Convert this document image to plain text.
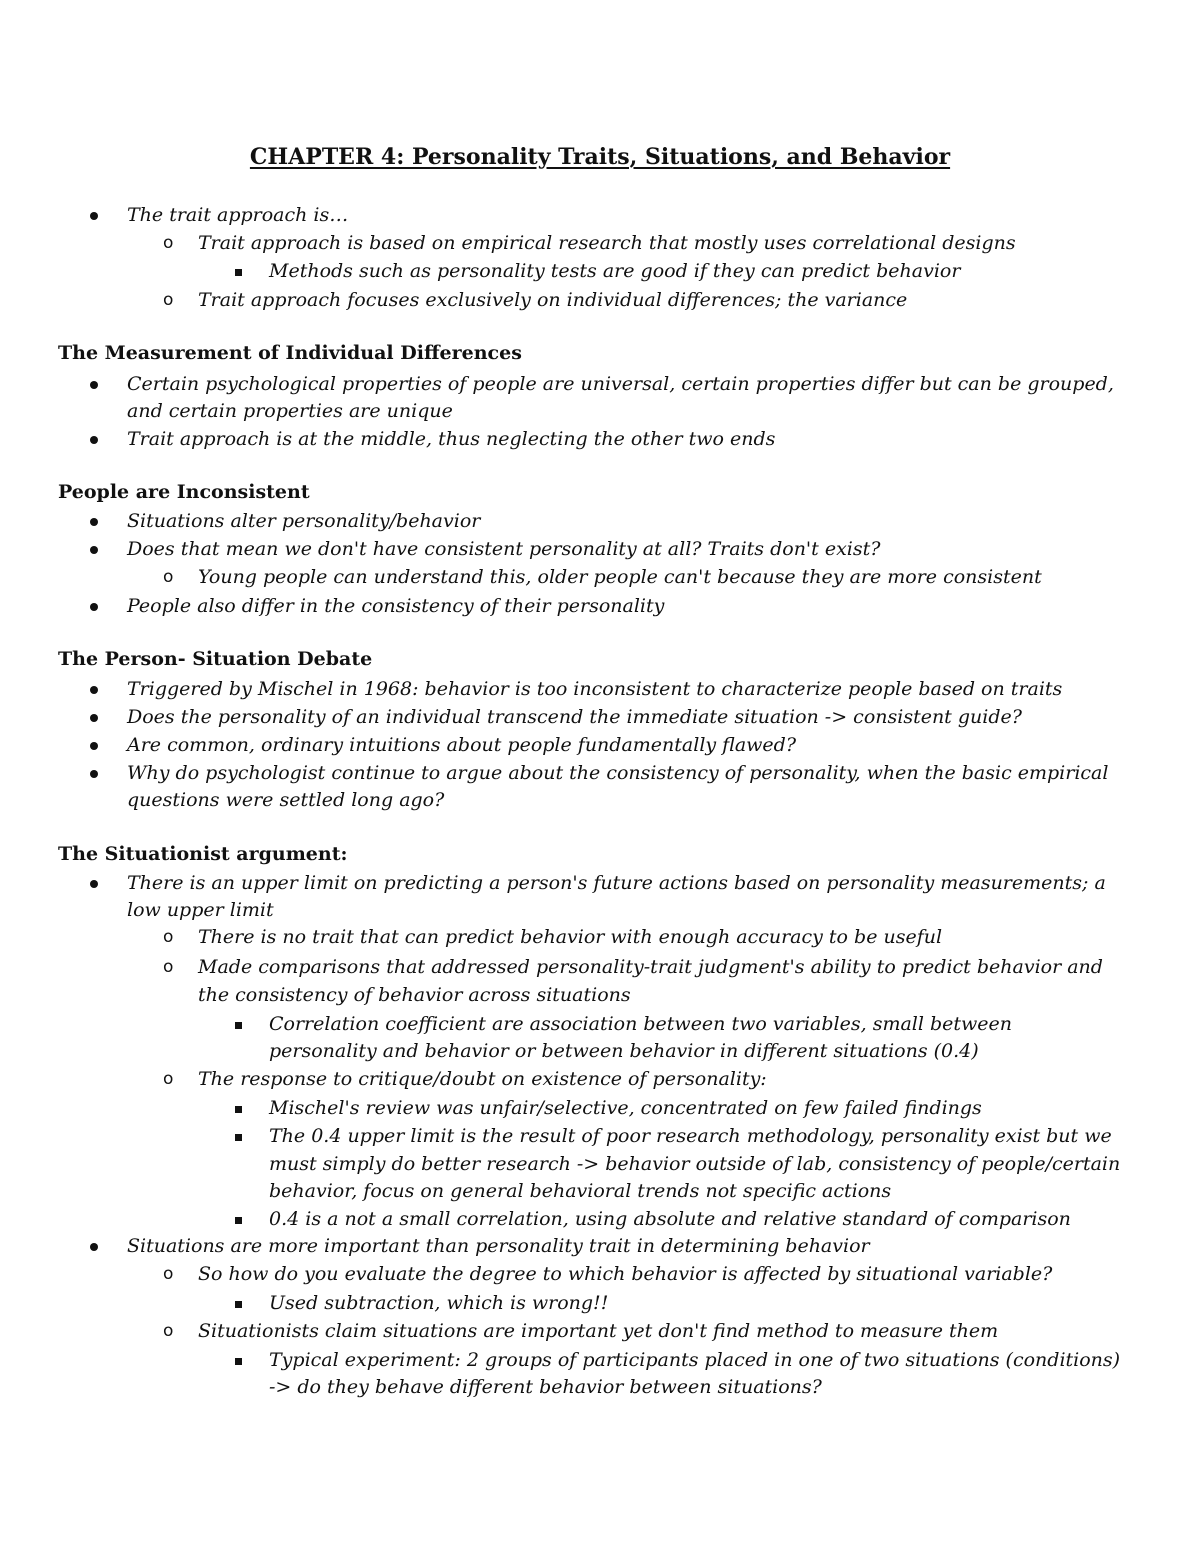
CHAPTER 4: Personality Traits, Situations, and Behavior
The trait approach is…
o Trait approach is based on empirical research that mostly uses correlational designs
Methods such as personality tests are good if they can predict behavior
o Trait approach focuses exclusively on individual differences; the variance
The Measurement of Individual Differences
Certain psychological properties of people are universal, certain properties differ but can be grouped,
and certain properties are unique
Trait approach is at the middle, thus neglecting the other two ends
People are Inconsistent
Situations alter personality/behavior
Does that mean we don't have consistent personality at all? Traits don't exist?
o Young people can understand this, older people can't because they are more consistent
People also differ in the consistency of their personality
The Person- Situation Debate
Triggered by Mischel in 1968: behavior is too inconsistent to characterize people based on traits
Does the personality of an individual transcend the immediate situation -> consistent guide?
Are common, ordinary intuitions about people fundamentally flawed?
Why do psychologist continue to argue about the consistency of personality, when the basic empirical
questions were settled long ago?
The Situationist argument:
There is an upper limit on predicting a person's future actions based on personality measurements; a
low upper limit
o There is no trait that can predict behavior with enough accuracy to be useful
o Made comparisons that addressed personality-trait judgment's ability to predict behavior and
the consistency of behavior across situations
Correlation coefficient are association between two variables, small between
personality and behavior or between behavior in different situations (0.4)
o The response to critique/doubt on existence of personality:
Mischel's review was unfair/selective, concentrated on few failed findings
The 0.4 upper limit is the result of poor research methodology, personality exist but we
must simply do better research -> behavior outside of lab, consistency of people/certain
behavior, focus on general behavioral trends not specific actions
0.4 is a not a small correlation, using absolute and relative standard of comparison
Situations are more important than personality trait in determining behavior
o So how do you evaluate the degree to which behavior is affected by situational variable?
Used subtraction, which is wrong!!
o Situationists claim situations are important yet don't find method to measure them
Typical experiment: 2 groups of participants placed in one of two situations (conditions)
-> do they behave different behavior between situations?
